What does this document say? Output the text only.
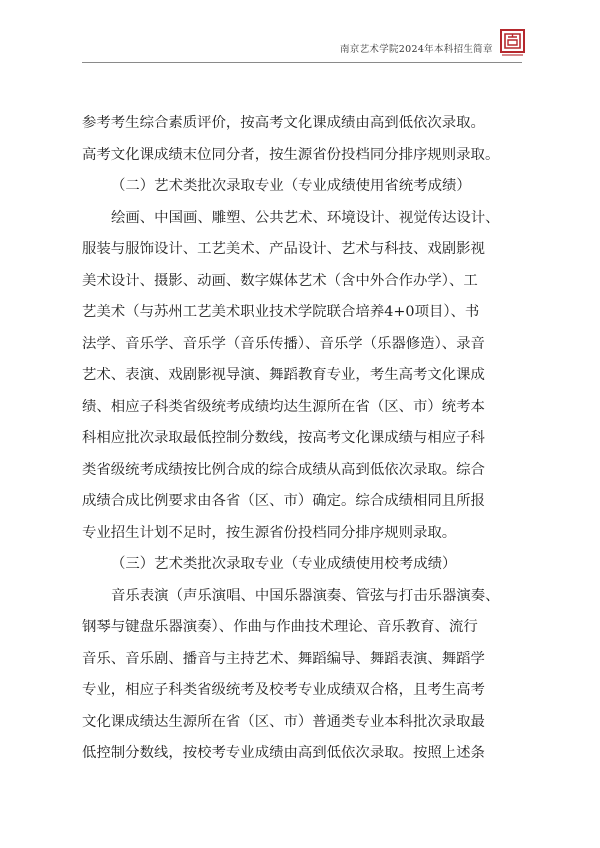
南京艺术学院2024年本科招生简章
参考考生综合素质评价，按高考文化课成绩由高到低依次录取。
高考文化课成绩末位同分者，按生源省份投档同分排序规则录取。
（二）艺术类批次录取专业（专业成绩使用省统考成绩）
绘画、中国画、雕塑、公共艺术、环境设计、视觉传达设计、
服装与服饰设计、工艺美术、产品设计、艺术与科技、戏剧影视
美术设计、摄影、动画、数字媒体艺术（含中外合作办学）、工
艺美术（与苏州工艺美术职业技术学院联合培养4+0项目）、书
法学、音乐学、音乐学（音乐传播）、音乐学（乐器修造）、录音
艺术、表演、戏剧影视导演、舞蹈教育专业，考生高考文化课成
绩、相应子科类省级统考成绩均达生源所在省（区、市）统考本
科相应批次录取最低控制分数线，按高考文化课成绩与相应子科
类省级统考成绩按比例合成的综合成绩从高到低依次录取。综合
成绩合成比例要求由各省（区、市）确定。综合成绩相同且所报
专业招生计划不足时，按生源省份投档同分排序规则录取。
（三）艺术类批次录取专业（专业成绩使用校考成绩）
音乐表演（声乐演唱、中国乐器演奏、管弦与打击乐器演奏、
钢琴与键盘乐器演奏）、作曲与作曲技术理论、音乐教育、流行
音乐、音乐剧、播音与主持艺术、舞蹈编导、舞蹈表演、舞蹈学
专业，相应子科类省级统考及校考专业成绩双合格，且考生高考
文化课成绩达生源所在省（区、市）普通类专业本科批次录取最
低控制分数线，按校考专业成绩由高到低依次录取。按照上述条
